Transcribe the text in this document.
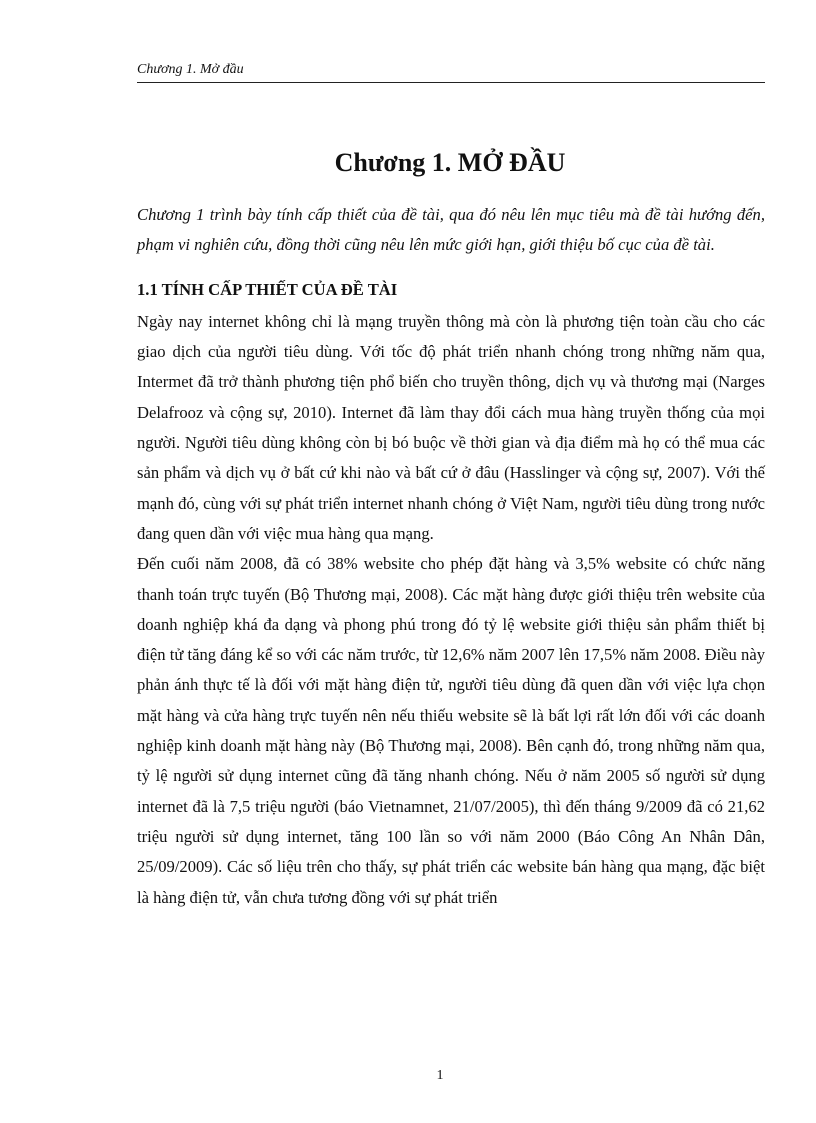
Chương 1. Mở đầu
Chương 1. MỞ ĐẦU

Chương 1 trình bày tính cấp thiết của đề tài, qua đó nêu lên mục tiêu mà đề tài hướng đến, phạm vi nghiên cứu, đồng thời cũng nêu lên mức giới hạn, giới thiệu bố cục của đề tài.

1.1 TÍNH CẤP THIẾT CỦA ĐỀ TÀI

Ngày nay internet không chỉ là mạng truyền thông mà còn là phương tiện toàn cầu cho các giao dịch của người tiêu dùng. Với tốc độ phát triển nhanh chóng trong những năm qua, Intermet đã trở thành phương tiện phổ biến cho truyền thông, dịch vụ và thương mại (Narges Delafrooz và cộng sự, 2010). Internet đã làm thay đổi cách mua hàng truyền thống của mọi người. Người tiêu dùng không còn bị bó buộc về thời gian và địa điểm mà họ có thể mua các sản phẩm và dịch vụ ở bất cứ khi nào và bất cứ ở đâu (Hasslinger và cộng sự, 2007). Với thế mạnh đó, cùng với sự phát triển internet nhanh chóng ở Việt Nam, người tiêu dùng trong nước đang quen dần với việc mua hàng qua mạng.

Đến cuối năm 2008, đã có 38% website cho phép đặt hàng và 3,5% website có chức năng thanh toán trực tuyến (Bộ Thương mại, 2008). Các mặt hàng được giới thiệu trên website của doanh nghiệp khá đa dạng và phong phú trong đó tỷ lệ website giới thiệu sản phẩm thiết bị điện tử tăng đáng kể so với các năm trước, từ 12,6% năm 2007 lên 17,5% năm 2008. Điều này phản ánh thực tế là đối với mặt hàng điện tử, người tiêu dùng đã quen dần với việc lựa chọn mặt hàng và cửa hàng trực tuyến nên nếu thiếu website sẽ là bất lợi rất lớn đối với các doanh nghiệp kinh doanh mặt hàng này (Bộ Thương mại, 2008). Bên cạnh đó, trong những năm qua, tỷ lệ người sử dụng internet cũng đã tăng nhanh chóng. Nếu ở năm 2005 số người sử dụng internet đã là 7,5 triệu người (báo Vietnamnet, 21/07/2005), thì đến tháng 9/2009 đã có 21,62 triệu người sử dụng internet, tăng 100 lần so với năm 2000 (Báo Công An Nhân Dân, 25/09/2009). Các số liệu trên cho thấy, sự phát triển các website bán hàng qua mạng, đặc biệt là hàng điện tử, vẫn chưa tương đồng với sự phát triển

1
